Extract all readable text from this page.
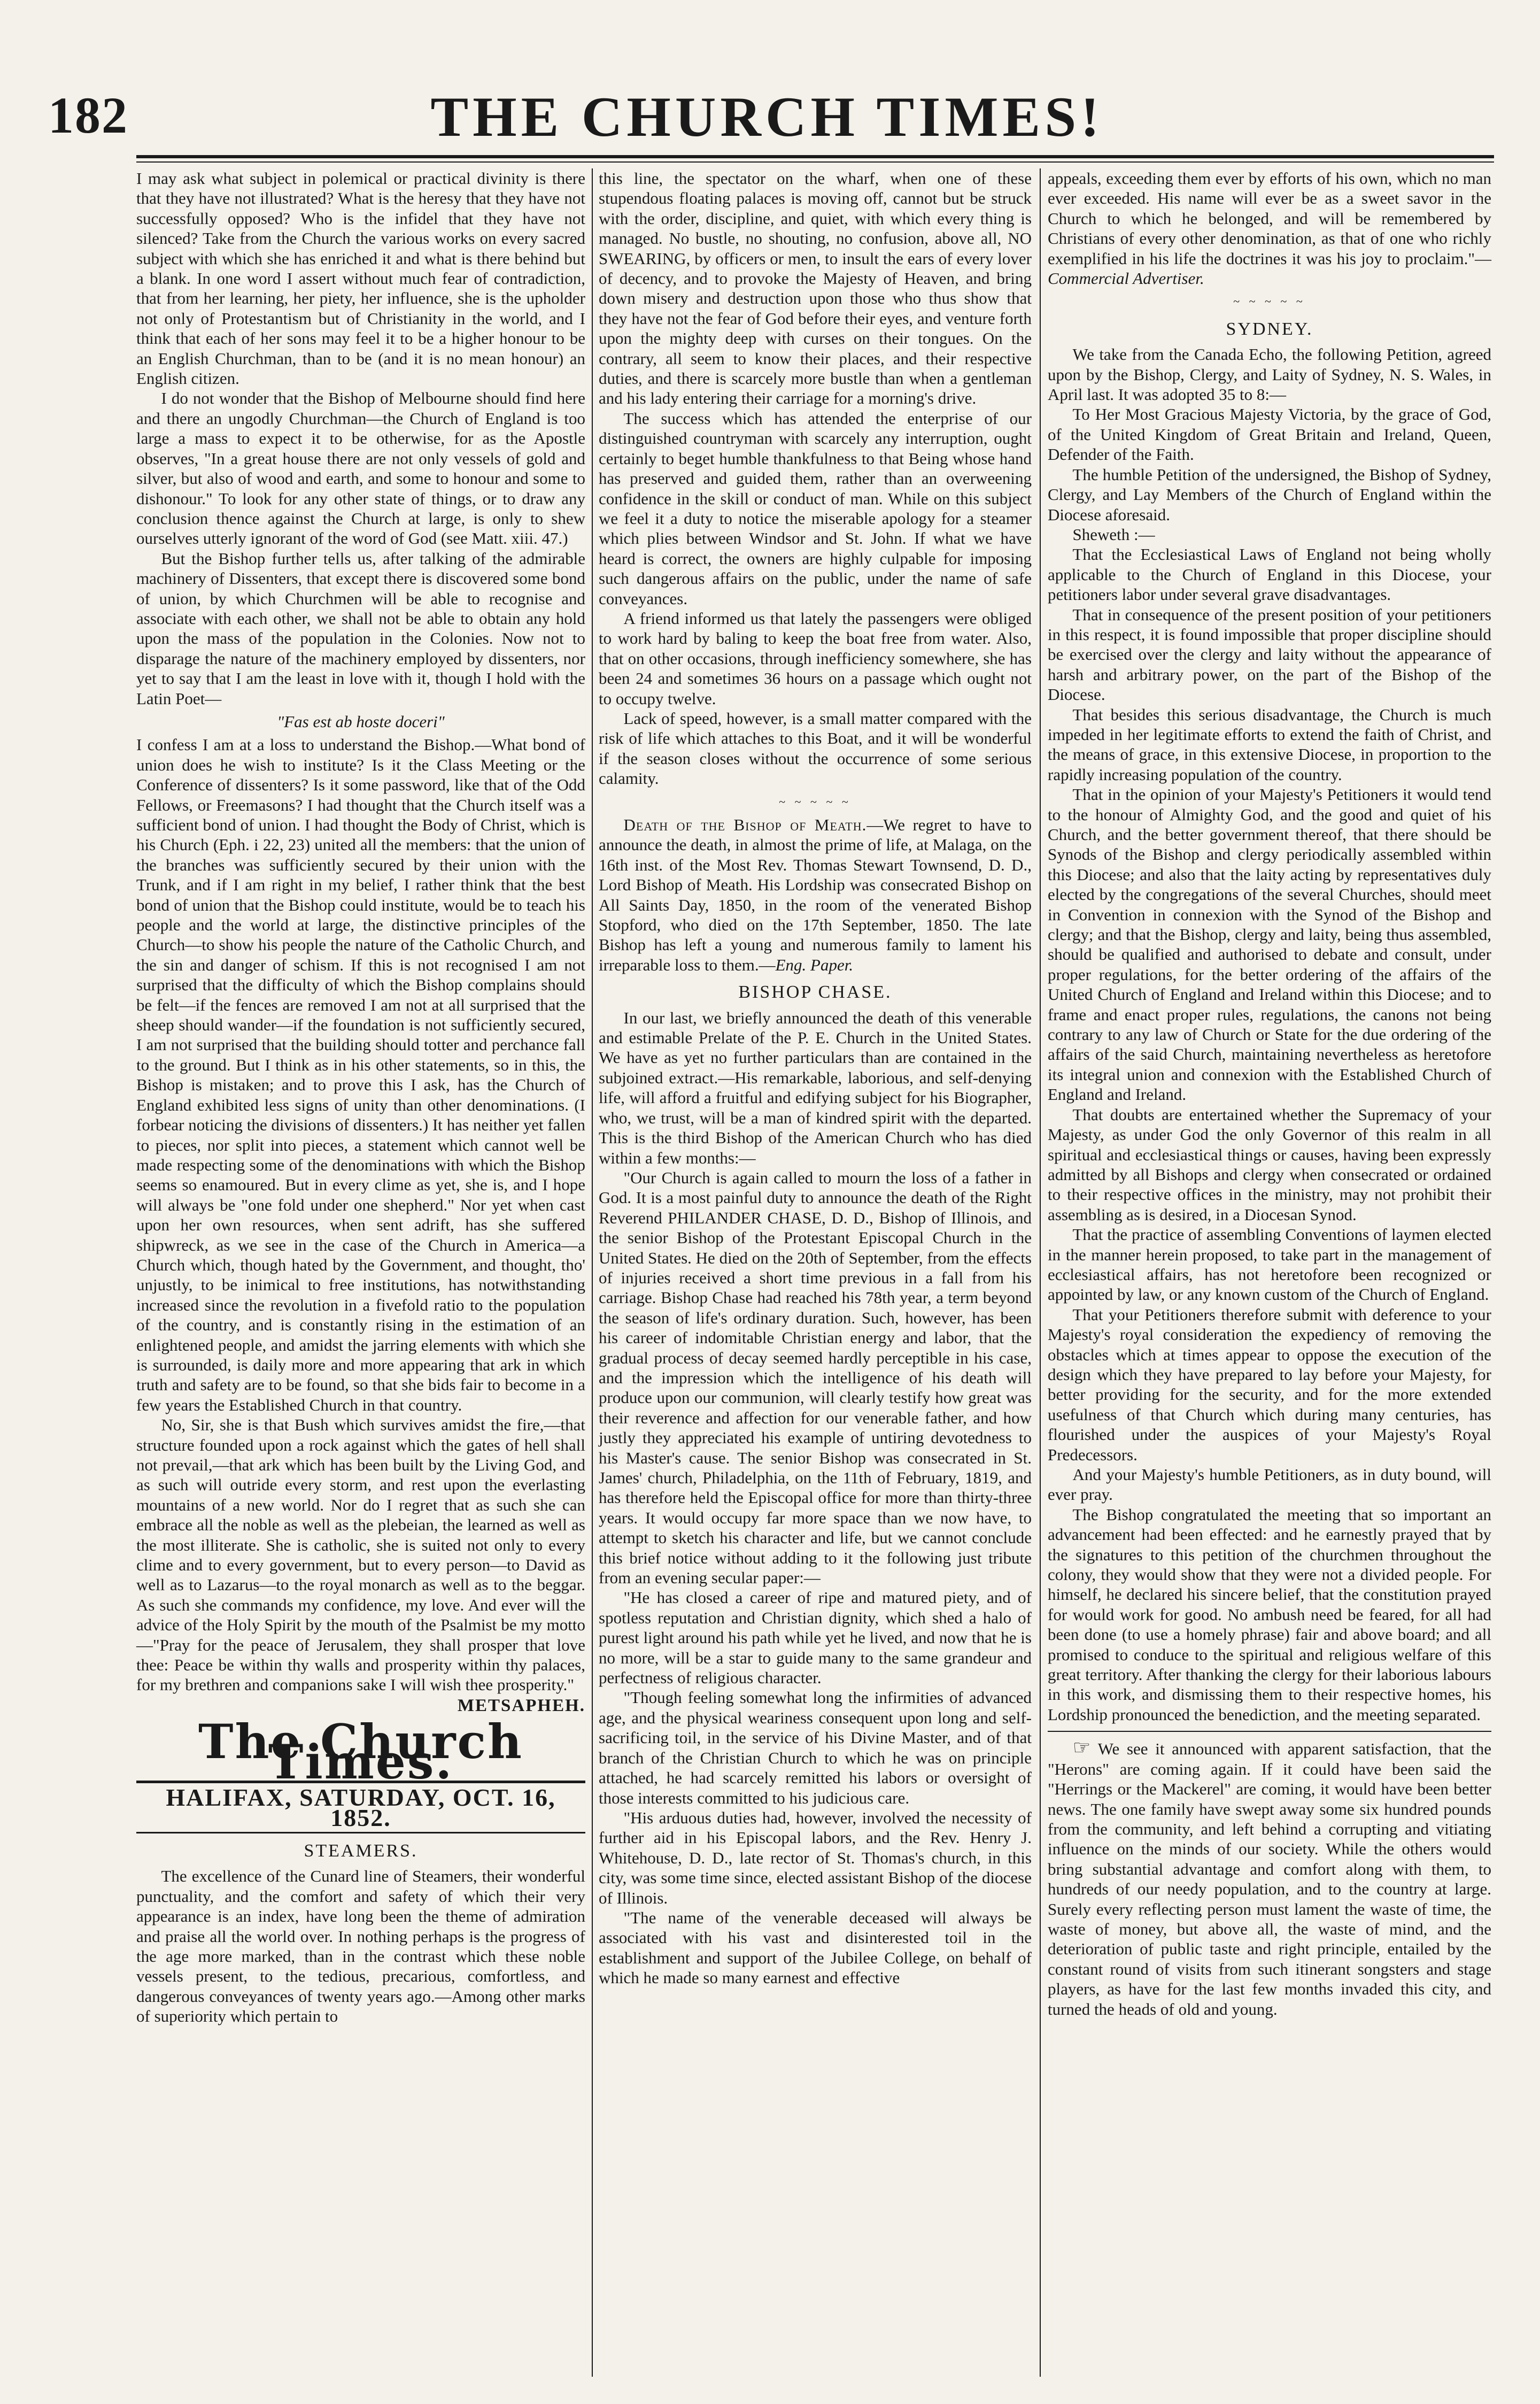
182	THE CHURCH TIMES!

I may ask what subject in polemical or practical divinity is there that they have not illustrated? What is the heresy that they have not successfully opposed? Who is the infidel that they have not silenced? Take from the Church the various works on every sacred subject with which she has enriched it and what is there behind but a blank. In one word I assert without much fear of contradiction, that from her learning, her piety, her influence, she is the upholder not only of Protestantism but of Christianity in the world, and I think that each of her sons may feel it to be a higher honour to be an English Churchman, than to be (and it is no mean honour) an English citizen.

I do not wonder that the Bishop of Melbourne should find here and there an ungodly Churchman—the Church of England is too large a mass to expect it to be otherwise, for as the Apostle observes, "In a great house there are not only vessels of gold and silver, but also of wood and earth, and some to honour and some to dishonour." To look for any other state of things, or to draw any conclusion thence against the Church at large, is only to shew ourselves utterly ignorant of the word of God (see Matt. xiii. 47.)

But the Bishop further tells us, after talking of the admirable machinery of Dissenters, that except there is discovered some bond of union, by which Churchmen will be able to recognise and associate with each other, we shall not be able to obtain any hold upon the mass of the population in the Colonies. Now not to disparage the nature of the machinery employed by dissenters, nor yet to say that I am the least in love with it, though I hold with the Latin Poet—

"Fas est ab hoste doceri"

I confess I am at a loss to understand the Bishop.—What bond of union does he wish to institute? Is it the Class Meeting or the Conference of dissenters? Is it some password, like that of the Odd Fellows, or Freemasons? I had thought that the Church itself was a sufficient bond of union. I had thought the Body of Christ, which is his Church (Eph. i 22, 23) united all the members: that the union of the branches was sufficiently secured by their union with the Trunk, and if I am right in my belief, I rather think that the best bond of union that the Bishop could institute, would be to teach his people and the world at large, the distinctive principles of the Church—to show his people the nature of the Catholic Church, and the sin and danger of schism. If this is not recognised I am not surprised that the difficulty of which the Bishop complains should be felt—if the fences are removed I am not at all surprised that the sheep should wander—if the foundation is not sufficiently secured, I am not surprised that the building should totter and perchance fall to the ground. But I think as in his other statements, so in this, the Bishop is mistaken; and to prove this I ask, has the Church of England exhibited less signs of unity than other denominations. (I forbear noticing the divisions of dissenters.) It has neither yet fallen to pieces, nor split into pieces, a statement which cannot well be made respecting some of the denominations with which the Bishop seems so enamoured. But in every clime as yet, she is, and I hope will always be "one fold under one shepherd." Nor yet when cast upon her own resources, when sent adrift, has she suffered shipwreck, as we see in the case of the Church in America—a Church which, though hated by the Government, and thought, tho' unjustly, to be inimical to free institutions, has notwithstanding increased since the revolution in a fivefold ratio to the population of the country, and is constantly rising in the estimation of an enlightened people, and amidst the jarring elements with which she is surrounded, is daily more and more appearing that ark in which truth and safety are to be found, so that she bids fair to become in a few years the Established Church in that country.

No, Sir, she is that Bush which survives amidst the fire,—that structure founded upon a rock against which the gates of hell shall not prevail,—that ark which has been built by the Living God, and as such will outride every storm, and rest upon the everlasting mountains of a new world. Nor do I regret that as such she can embrace all the noble as well as the plebeian, the learned as well as the most illiterate. She is catholic, she is suited not only to every clime and to every government, but to every person—to David as well as to Lazarus—to the royal monarch as well as to the beggar. As such she commands my confidence, my love. And ever will the advice of the Holy Spirit by the mouth of the Psalmist be my motto—"Pray for the peace of Jerusalem, they shall prosper that love thee: Peace be within thy walls and prosperity within thy palaces, for my brethren and companions sake I will wish thee prosperity."

METSAPHEH.
The Church Times.
HALIFAX, SATURDAY, OCT. 16, 1852.
STEAMERS.

The excellence of the Cunard line of Steamers, their wonderful punctuality, and the comfort and safety of which their very appearance is an index, have long been the theme of admiration and praise all the world over. In nothing perhaps is the progress of the age more marked, than in the contrast which these noble vessels present, to the tedious, precarious, comfortless, and dangerous conveyances of twenty years ago.—Among other marks of superiority which pertain to

this line, the spectator on the wharf, when one of these stupendous floating palaces is moving off, cannot but be struck with the order, discipline, and quiet, with which every thing is managed. No bustle, no shouting, no confusion, above all, NO SWEARING, by officers or men, to insult the ears of every lover of decency, and to provoke the Majesty of Heaven, and bring down misery and destruction upon those who thus show that they have not the fear of God before their eyes, and venture forth upon the mighty deep with curses on their tongues. On the contrary, all seem to know their places, and their respective duties, and there is scarcely more bustle than when a gentleman and his lady entering their carriage for a morning's drive.

The success which has attended the enterprise of our distinguished countryman with scarcely any interruption, ought certainly to beget humble thankfulness to that Being whose hand has preserved and guided them, rather than an overweening confidence in the skill or conduct of man. While on this subject we feel it a duty to notice the miserable apology for a steamer which plies between Windsor and St. John. If what we have heard is correct, the owners are highly culpable for imposing such dangerous affairs on the public, under the name of safe conveyances.

A friend informed us that lately the passengers were obliged to work hard by baling to keep the boat free from water. Also, that on other occasions, through inefficiency somewhere, she has been 24 and sometimes 36 hours on a passage which ought not to occupy twelve.

Lack of speed, however, is a small matter compared with the risk of life which attaches to this Boat, and it will be wonderful if the season closes without the occurrence of some serious calamity.

~ ~ ~ ~ ~

Death of the Bishop of Meath.—We regret to have to announce the death, in almost the prime of life, at Malaga, on the 16th inst. of the Most Rev. Thomas Stewart Townsend, D. D., Lord Bishop of Meath. His Lordship was consecrated Bishop on All Saints Day, 1850, in the room of the venerated Bishop Stopford, who died on the 17th September, 1850. The late Bishop has left a young and numerous family to lament his irreparable loss to them.—Eng. Paper.

BISHOP CHASE.

In our last, we briefly announced the death of this venerable and estimable Prelate of the P. E. Church in the United States. We have as yet no further particulars than are contained in the subjoined extract.—His remarkable, laborious, and self-denying life, will afford a fruitful and edifying subject for his Biographer, who, we trust, will be a man of kindred spirit with the departed. This is the third Bishop of the American Church who has died within a few months:—

"Our Church is again called to mourn the loss of a father in God. It is a most painful duty to announce the death of the Right Reverend PHILANDER CHASE, D. D., Bishop of Illinois, and the senior Bishop of the Protestant Episcopal Church in the United States. He died on the 20th of September, from the effects of injuries received a short time previous in a fall from his carriage. Bishop Chase had reached his 78th year, a term beyond the season of life's ordinary duration. Such, however, has been his career of indomitable Christian energy and labor, that the gradual process of decay seemed hardly perceptible in his case, and the impression which the intelligence of his death will produce upon our communion, will clearly testify how great was their reverence and affection for our venerable father, and how justly they appreciated his example of untiring devotedness to his Master's cause. The senior Bishop was consecrated in St. James' church, Philadelphia, on the 11th of February, 1819, and has therefore held the Episcopal office for more than thirty-three years. It would occupy far more space than we now have, to attempt to sketch his character and life, but we cannot conclude this brief notice without adding to it the following just tribute from an evening secular paper:—

"He has closed a career of ripe and matured piety, and of spotless reputation and Christian dignity, which shed a halo of purest light around his path while yet he lived, and now that he is no more, will be a star to guide many to the same grandeur and perfectness of religious character.

"Though feeling somewhat long the infirmities of advanced age, and the physical weariness consequent upon long and self-sacrificing toil, in the service of his Divine Master, and of that branch of the Christian Church to which he was on principle attached, he had scarcely remitted his labors or oversight of those interests committed to his judicious care.

"His arduous duties had, however, involved the necessity of further aid in his Episcopal labors, and the Rev. Henry J. Whitehouse, D. D., late rector of St. Thomas's church, in this city, was some time since, elected assistant Bishop of the diocese of Illinois.

"The name of the venerable deceased will always be associated with his vast and disinterested toil in the establishment and support of the Jubilee College, on behalf of which he made so many earnest and effective

appeals, exceeding them ever by efforts of his own, which no man ever exceeded. His name will ever be as a sweet savor in the Church to which he belonged, and will be remembered by Christians of every other denomination, as that of one who richly exemplified in his life the doctrines it was his joy to proclaim."—Commercial Advertiser.

~ ~ ~ ~ ~
SYDNEY.

We take from the Canada Echo, the following Petition, agreed upon by the Bishop, Clergy, and Laity of Sydney, N. S. Wales, in April last. It was adopted 35 to 8:—

To Her Most Gracious Majesty Victoria, by the grace of God, of the United Kingdom of Great Britain and Ireland, Queen, Defender of the Faith.

The humble Petition of the undersigned, the Bishop of Sydney, Clergy, and Lay Members of the Church of England within the Diocese aforesaid.

Sheweth :—

That the Ecclesiastical Laws of England not being wholly applicable to the Church of England in this Diocese, your petitioners labor under several grave disadvantages.

That in consequence of the present position of your petitioners in this respect, it is found impossible that proper discipline should be exercised over the clergy and laity without the appearance of harsh and arbitrary power, on the part of the Bishop of the Diocese.

That besides this serious disadvantage, the Church is much impeded in her legitimate efforts to extend the faith of Christ, and the means of grace, in this extensive Diocese, in proportion to the rapidly increasing population of the country.

That in the opinion of your Majesty's Petitioners it would tend to the honour of Almighty God, and the good and quiet of his Church, and the better government thereof, that there should be Synods of the Bishop and clergy periodically assembled within this Diocese; and also that the laity acting by representatives duly elected by the congregations of the several Churches, should meet in Convention in connexion with the Synod of the Bishop and clergy; and that the Bishop, clergy and laity, being thus assembled, should be qualified and authorised to debate and consult, under proper regulations, for the better ordering of the affairs of the United Church of England and Ireland within this Diocese; and to frame and enact proper rules, regulations, the canons not being contrary to any law of Church or State for the due ordering of the affairs of the said Church, maintaining nevertheless as heretofore its integral union and connexion with the Established Church of England and Ireland.

That doubts are entertained whether the Supremacy of your Majesty, as under God the only Governor of this realm in all spiritual and ecclesiastical things or causes, having been expressly admitted by all Bishops and clergy when consecrated or ordained to their respective offices in the ministry, may not prohibit their assembling as is desired, in a Diocesan Synod.

That the practice of assembling Conventions of laymen elected in the manner herein proposed, to take part in the management of ecclesiastical affairs, has not heretofore been recognized or appointed by law, or any known custom of the Church of England.

That your Petitioners therefore submit with deference to your Majesty's royal consideration the expediency of removing the obstacles which at times appear to oppose the execution of the design which they have prepared to lay before your Majesty, for better providing for the security, and for the more extended usefulness of that Church which during many centuries, has flourished under the auspices of your Majesty's Royal Predecessors.

And your Majesty's humble Petitioners, as in duty bound, will ever pray.

The Bishop congratulated the meeting that so important an advancement had been effected: and he earnestly prayed that by the signatures to this petition of the churchmen throughout the colony, they would show that they were not a divided people. For himself, he declared his sincere belief, that the constitution prayed for would work for good. No ambush need be feared, for all had been done (to use a homely phrase) fair and above board; and all promised to conduce to the spiritual and religious welfare of this great territory. After thanking the clergy for their laborious labours in this work, and dismissing them to their respective homes, his Lordship pronounced the benediction, and the meeting separated.

☞ We see it announced with apparent satisfaction, that the "Herons" are coming again. If it could have been said the "Herrings or the Mackerel" are coming, it would have been better news. The one family have swept away some six hundred pounds from the community, and left behind a corrupting and vitiating influence on the minds of our society. While the others would bring substantial advantage and comfort along with them, to hundreds of our needy population, and to the country at large. Surely every reflecting person must lament the waste of time, the waste of money, but above all, the waste of mind, and the deterioration of public taste and right principle, entailed by the constant round of visits from such itinerant songsters and stage players, as have for the last few months invaded this city, and turned the heads of old and young.
